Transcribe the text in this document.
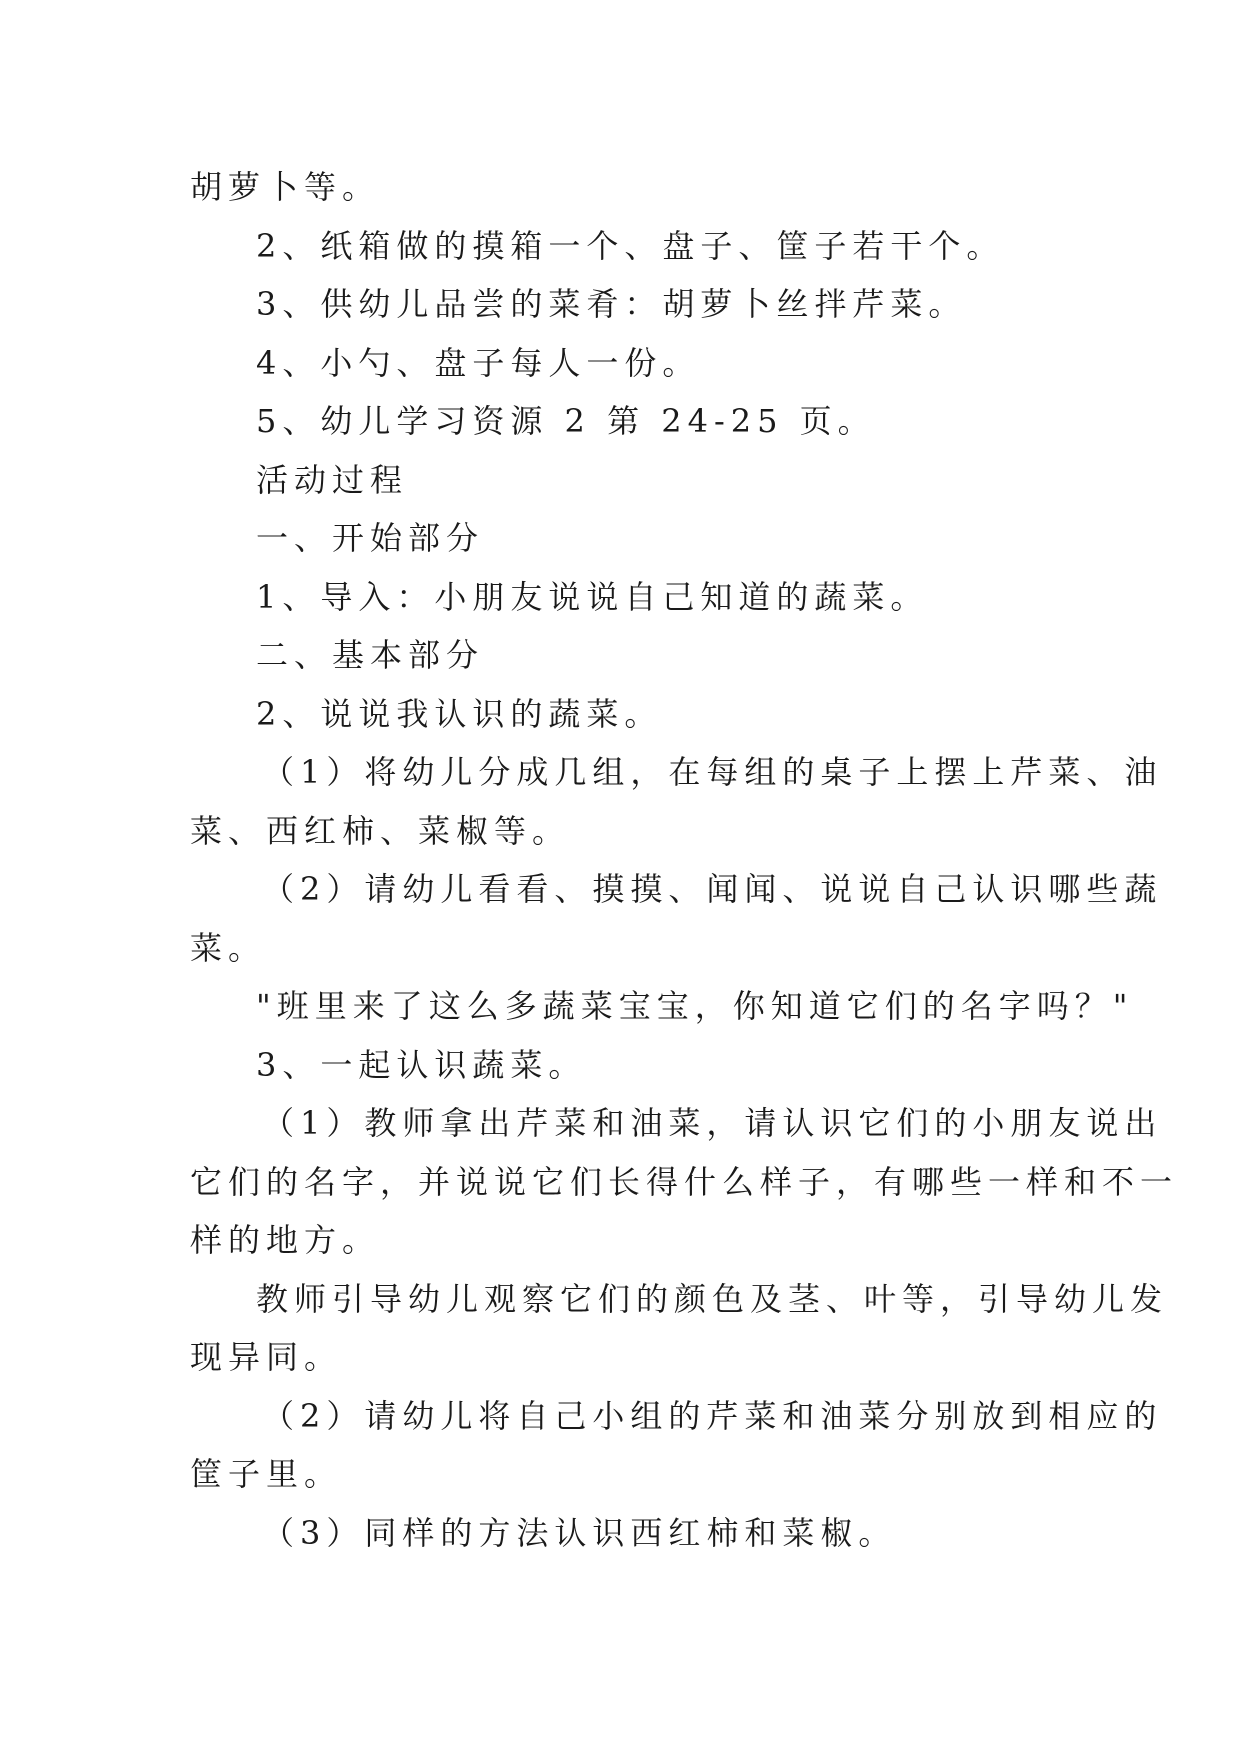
胡萝卜等。
2、纸箱做的摸箱一个、盘子、筐子若干个。
3、供幼儿品尝的菜肴：胡萝卜丝拌芹菜。
4、小勺、盘子每人一份。
5、幼儿学习资源 2 第 24-25 页。
活动过程
一、开始部分
1、导入：小朋友说说自己知道的蔬菜。
二、基本部分
2、说说我认识的蔬菜。
（1）将幼儿分成几组，在每组的桌子上摆上芹菜、油
菜、西红柿、菜椒等。
（2）请幼儿看看、摸摸、闻闻、说说自己认识哪些蔬
菜。
"班里来了这么多蔬菜宝宝，你知道它们的名字吗？"
3、一起认识蔬菜。
（1）教师拿出芹菜和油菜，请认识它们的小朋友说出
它们的名字，并说说它们长得什么样子，有哪些一样和不一
样的地方。
教师引导幼儿观察它们的颜色及茎、叶等，引导幼儿发
现异同。
（2）请幼儿将自己小组的芹菜和油菜分别放到相应的
筐子里。
（3）同样的方法认识西红柿和菜椒。
